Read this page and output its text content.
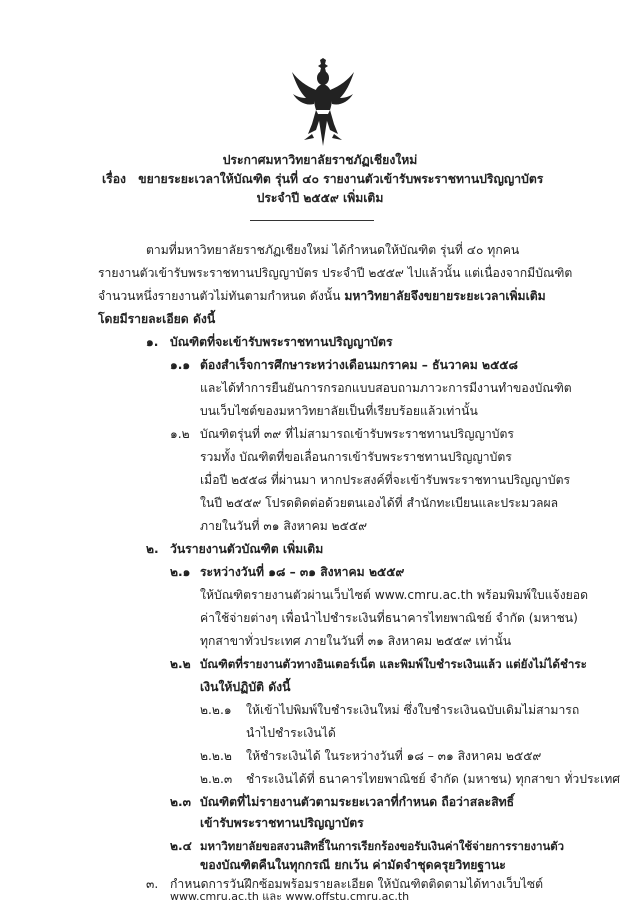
ประกาศมหาวิทยาลัยราชภัฏเชียงใหม่
เรื่อง ขยายระยะเวลาให้บัณฑิต รุ่นที่ ๔๐ รายงานตัวเข้ารับพระราชทานปริญญาบัตร
ประจำปี ๒๕๕๙ เพิ่มเติม
ตามที่มหาวิทยาลัยราชภัฏเชียงใหม่ ได้กำหนดให้บัณฑิต รุ่นที่ ๔๐ ทุกคน
รายงานตัวเข้ารับพระราชทานปริญญาบัตร ประจำปี ๒๕๕๙ ไปแล้วนั้น แต่เนื่องจากมีบัณฑิต
จำนวนหนึ่งรายงานตัวไม่ทันตามกำหนด ดังนั้น มหาวิทยาลัยจึงขยายระยะเวลาเพิ่มเติม
โดยมีรายละเอียด ดังนี้
๑. บัณฑิตที่จะเข้ารับพระราชทานปริญญาบัตร
๑.๑ ต้องสำเร็จการศึกษาระหว่างเดือนมกราคม – ธันวาคม ๒๕๕๘
และได้ทำการยืนยันการกรอกแบบสอบถามภาวะการมีงานทำของบัณฑิต
บนเว็บไซต์ของมหาวิทยาลัยเป็นที่เรียบร้อยแล้วเท่านั้น
๑.๒ บัณฑิตรุ่นที่ ๓๙ ที่ไม่สามารถเข้ารับพระราชทานปริญญาบัตร
รวมทั้ง บัณฑิตที่ขอเลื่อนการเข้ารับพระราชทานปริญญาบัตร
เมื่อปี ๒๕๕๘ ที่ผ่านมา หากประสงค์ที่จะเข้ารับพระราชทานปริญญาบัตร
ในปี ๒๕๕๙ โปรดติดต่อด้วยตนเองได้ที่ สำนักทะเบียนและประมวลผล
ภายในวันที่ ๓๑ สิงหาคม ๒๕๕๙
๒. วันรายงานตัวบัณฑิต เพิ่มเติม
๒.๑ ระหว่างวันที่ ๑๘ – ๓๑ สิงหาคม ๒๕๕๙
ให้บัณฑิตรายงานตัวผ่านเว็บไซต์ www.cmru.ac.th พร้อมพิมพ์ใบแจ้งยอด
ค่าใช้จ่ายต่างๆ เพื่อนำไปชำระเงินที่ธนาคารไทยพาณิชย์ จำกัด (มหาชน)
ทุกสาขาทั่วประเทศ ภายในวันที่ ๓๑ สิงหาคม ๒๕๕๙ เท่านั้น
๒.๒ บัณฑิตที่รายงานตัวทางอินเตอร์เน็ต และพิมพ์ใบชำระเงินแล้ว แต่ยังไม่ได้ชำระ
เงินให้ปฏิบัติ ดังนี้
๒.๒.๑ ให้เข้าไปพิมพ์ใบชำระเงินใหม่ ซึ่งใบชำระเงินฉบับเดิมไม่สามารถ
นำไปชำระเงินได้
๒.๒.๒ ให้ชำระเงินได้ ในระหว่างวันที่ ๑๘ – ๓๑ สิงหาคม ๒๕๕๙
๒.๒.๓ ชำระเงินได้ที่ ธนาคารไทยพาณิชย์ จำกัด (มหาชน) ทุกสาขา ทั่วประเทศ
๒.๓ บัณฑิตที่ไม่รายงานตัวตามระยะเวลาที่กำหนด ถือว่าสละสิทธิ์
เข้ารับพระราชทานปริญญาบัตร
๒.๔ มหาวิทยาลัยขอสงวนสิทธิ์ในการเรียกร้องขอรับเงินค่าใช้จ่ายการรายงานตัว
ของบัณฑิตคืนในทุกกรณี ยกเว้น ค่ามัดจำชุดครุยวิทยฐานะ
๓. กำหนดการวันฝึกซ้อมพร้อมรายละเอียด ให้บัณฑิตติดตามได้ทางเว็บไซต์
www.cmru.ac.th และ www.offstu.cmru.ac.th
